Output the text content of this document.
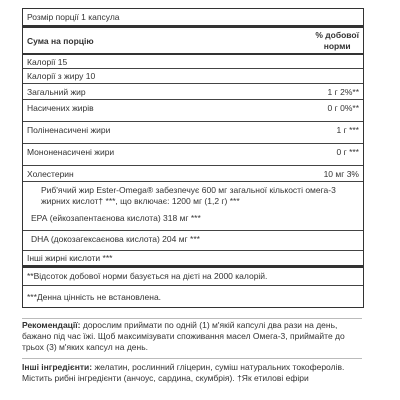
Розмір порції 1 капсула
Сума на порцію
% добової
норми
Калорії 15
Калорії з жиру 10
Загальний жир	1 г 2%**
Насичених жирів	0 г 0%**
Полiненасичені жири	1 г ***
Мононенасичені жири	0 г ***
Холестерин	10 мг 3%
Риб'ячий жир Ester-Omega® забезпечує 600 мг загальної кількості омега-3 жирних кислот† ***, що включає: 1200 мг (1,2 г) ***
ЕРА (ейкозапентаєнова кислота) 318 мг ***
DHA (докозагексаєнова кислота) 204 мг ***
Інші жирні кислоти ***
**Відсоток добової норми базується на дієті на 2000 калорій.
***Денна цінність не встановлена.
Рекомендації: дорослим приймати по одній (1) м'якій капсулі два рази на день, бажано під час їжі. Щоб максимізувати споживання масел Омега-3, приймайте до трьох (3) м'яких капсул на день.
Інші інгредієнти: желатин, рослинний гліцерин, суміш натуральних токоферолів. Містить рибні інгредієнти (анчоус, сардина, скумбрія). †Як етилові ефіри
